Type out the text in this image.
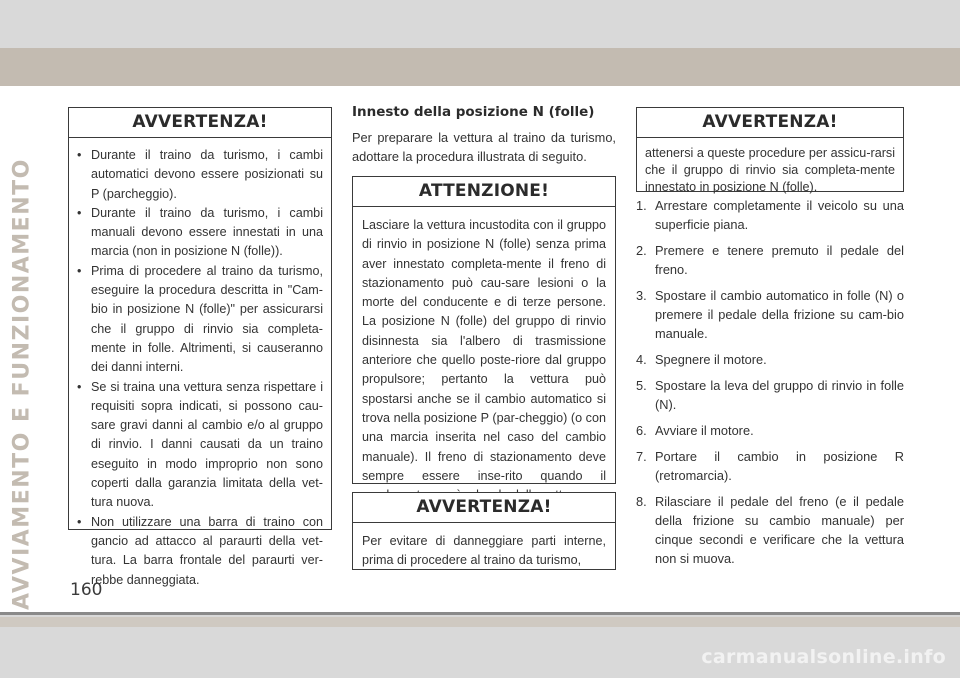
AVVIAMENTO E FUNZIONAMENTO
AVVERTENZA!
• Durante il traino da turismo, i cambi automatici devono essere posizionati su P (parcheggio).
• Durante il traino da turismo, i cambi manuali devono essere innestati in una marcia (non in posizione N (folle)).
• Prima di procedere al traino da turismo, eseguire la procedura descritta in "Cam-bio in posizione N (folle)" per assicurarsi che il gruppo di rinvio sia completa-mente in folle. Altrimenti, si causeranno dei danni interni.
• Se si traina una vettura senza rispettare i requisiti sopra indicati, si possono cau-sare gravi danni al cambio e/o al gruppo di rinvio. I danni causati da un traino eseguito in modo improprio non sono coperti dalla garanzia limitata della vet-tura nuova.
• Non utilizzare una barra di traino con gancio ad attacco al paraurti della vet-tura. La barra frontale del paraurti ver-rebbe danneggiata.
Innesto della posizione N (folle)
Per preparare la vettura al traino da turismo, adottare la procedura illustrata di seguito.
ATTENZIONE!
Lasciare la vettura incustodita con il gruppo di rinvio in posizione N (folle) senza prima aver innestato completa-mente il freno di stazionamento può cau-sare lesioni o la morte del conducente e di terze persone. La posizione N (folle) del gruppo di rinvio disinnesta sia l'albero di trasmissione anteriore che quello poste-riore dal gruppo propulsore; pertanto la vettura può spostarsi anche se il cambio automatico si trova nella posizione P (par-cheggio) (o con una marcia inserita nel caso del cambio manuale). Il freno di stazionamento deve sempre essere inse-rito quando il
AVVERTENZA!
Per evitare di danneggiare parti interne, prima di procedere al traino da turismo,
AVVERTENZA!
attenersi a queste procedure per assicu-rarsi che il gruppo di rinvio sia completa-mente innestato in posizione N (folle).
1. Arrestare completamente il veicolo su una superficie piana.
2. Premere e tenere premuto il pedale del freno.
3. Spostare il cambio automatico in folle (N) o premere il pedale della frizione su cam-bio manuale.
4. Spegnere il motore.
5. Spostare la leva del gruppo di rinvio in folle (N).
6. Avviare il motore.
7. Portare il cambio in posizione R (retromarcia).
8. Rilasciare il pedale del freno (e il pedale della frizione su cambio manuale) per cinque secondi e verificare che la vettura non si muova.
160
carmanualsonline.info
